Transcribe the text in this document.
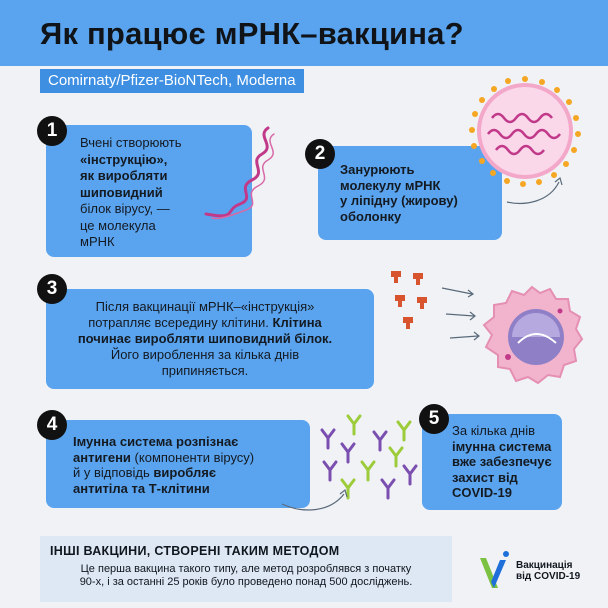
Як працює мРНК–вакцина?
Comirnaty/Pfizer-BioNTech, Moderna
Вчені створюють
«інструкцію»,
як виробляти
шиповидний
білок вірусу, —
це молекула
мРНК
1
Занурюють
молекулу мРНК
у ліпідну (жирову)
оболонку
2
Після вакцинації мРНК–«інструкція»
потрапляє всередину клітини. Клітина
починає виробляти шиповидний білок.
Його вироблення за кілька днів
припиняється.
3
Імунна система розпізнає
антигени (компоненти вірусу)
й у відповідь виробляє
антитіла та Т-клітини
4	За кілька днів
імунна система
вже забезпечує
захист від
COVID-19
5
ІНШІ ВАКЦИНИ, СТВОРЕНІ ТАКИМ МЕТОДОМ
Це перша вакцина такого типу, але метод розроблявся з початку
90-х, і за останні 25 років було проведено понад 500 досліджень.
Вакцинація
від COVID-19
